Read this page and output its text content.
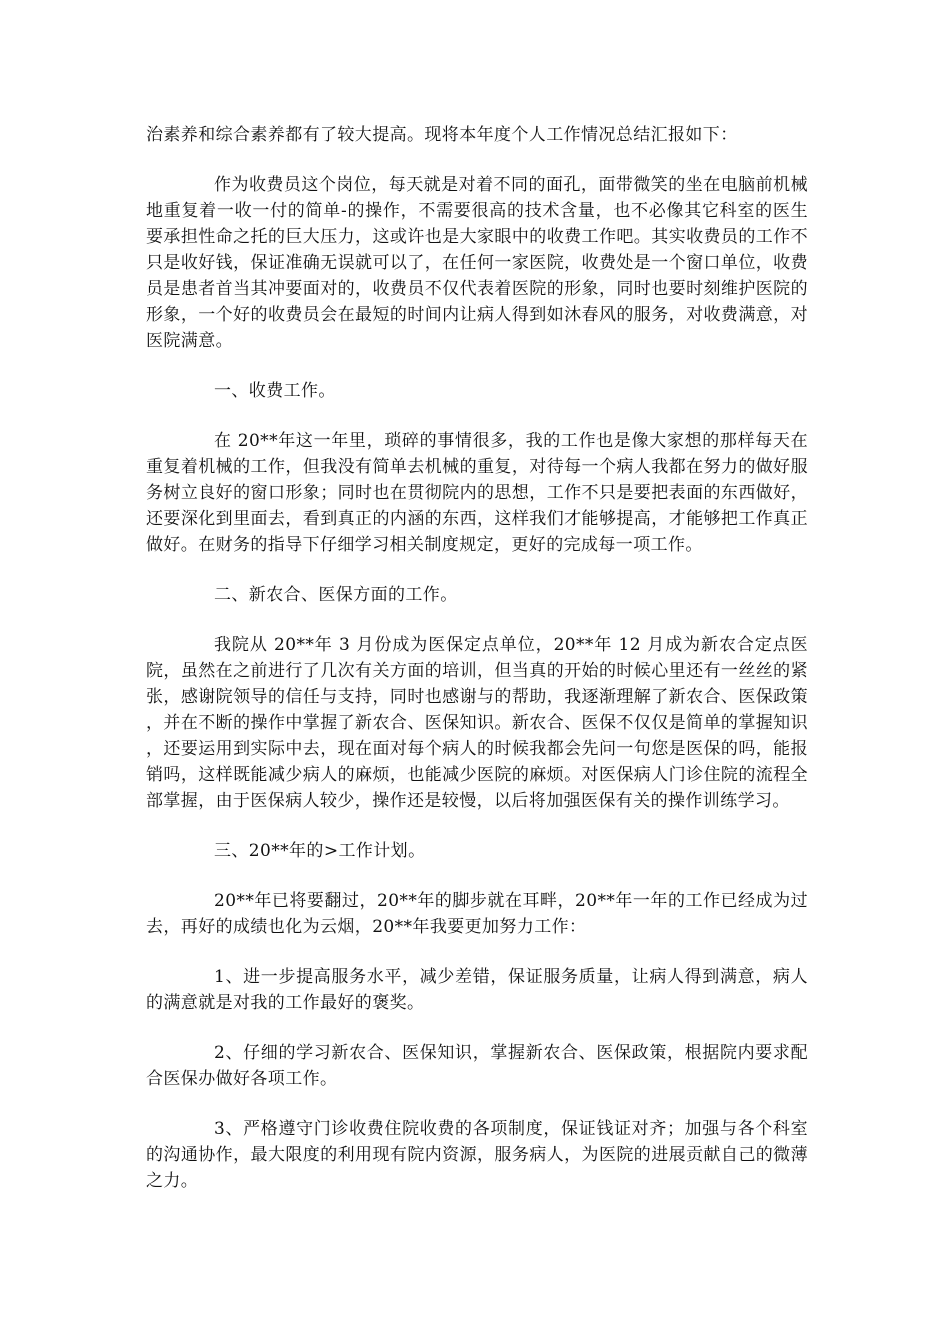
治素养和综合素养都有了较大提高。现将本年度个人工作情况总结汇报如下：

作为收费员这个岗位，每天就是对着不同的面孔，面带微笑的坐在电脑前机械地重复着一收一付的简单-的操作，不需要很高的技术含量，也不必像其它科室的医生要承担性命之托的巨大压力，这或许也是大家眼中的收费工作吧。其实收费员的工作不只是收好钱，保证准确无误就可以了，在任何一家医院，收费处是一个窗口单位，收费员是患者首当其冲要面对的，收费员不仅代表着医院的形象，同时也要时刻维护医院的形象，一个好的收费员会在最短的时间内让病人得到如沐春风的服务，对收费满意，对医院满意。

一、收费工作。

在 20**年这一年里，琐碎的事情很多，我的工作也是像大家想的那样每天在重复着机械的工作，但我没有简单去机械的重复，对待每一个病人我都在努力的做好服务树立良好的窗口形象；同时也在贯彻院内的思想，工作不只是要把表面的东西做好，还要深化到里面去，看到真正的内涵的东西，这样我们才能够提高，才能够把工作真正做好。在财务的指导下仔细学习相关制度规定，更好的完成每一项工作。

二、新农合、医保方面的工作。

我院从 20**年 3 月份成为医保定点单位，20**年 12 月成为新农合定点医院，虽然在之前进行了几次有关方面的培训，但当真的开始的时候心里还有一丝丝的紧张，感谢院领导的信任与支持，同时也感谢与的帮助，我逐渐理解了新农合、医保政策，并在不断的操作中掌握了新农合、医保知识。新农合、医保不仅仅是简单的掌握知识，还要运用到实际中去，现在面对每个病人的时候我都会先问一句您是医保的吗，能报销吗，这样既能减少病人的麻烦，也能减少医院的麻烦。对医保病人门诊住院的流程全部掌握，由于医保病人较少，操作还是较慢，以后将加强医保有关的操作训练学习。

三、20**年的>工作计划。

20**年已将要翻过，20**年的脚步就在耳畔，20**年一年的工作已经成为过去，再好的成绩也化为云烟，20**年我要更加努力工作：

1、进一步提高服务水平，减少差错，保证服务质量，让病人得到满意，病人的满意就是对我的工作最好的褒奖。

2、仔细的学习新农合、医保知识，掌握新农合、医保政策，根据院内要求配合医保办做好各项工作。

3、严格遵守门诊收费住院收费的各项制度，保证钱证对齐；加强与各个科室的沟通协作，最大限度的利用现有院内资源，服务病人，为医院的进展贡献自己的微薄之力。
